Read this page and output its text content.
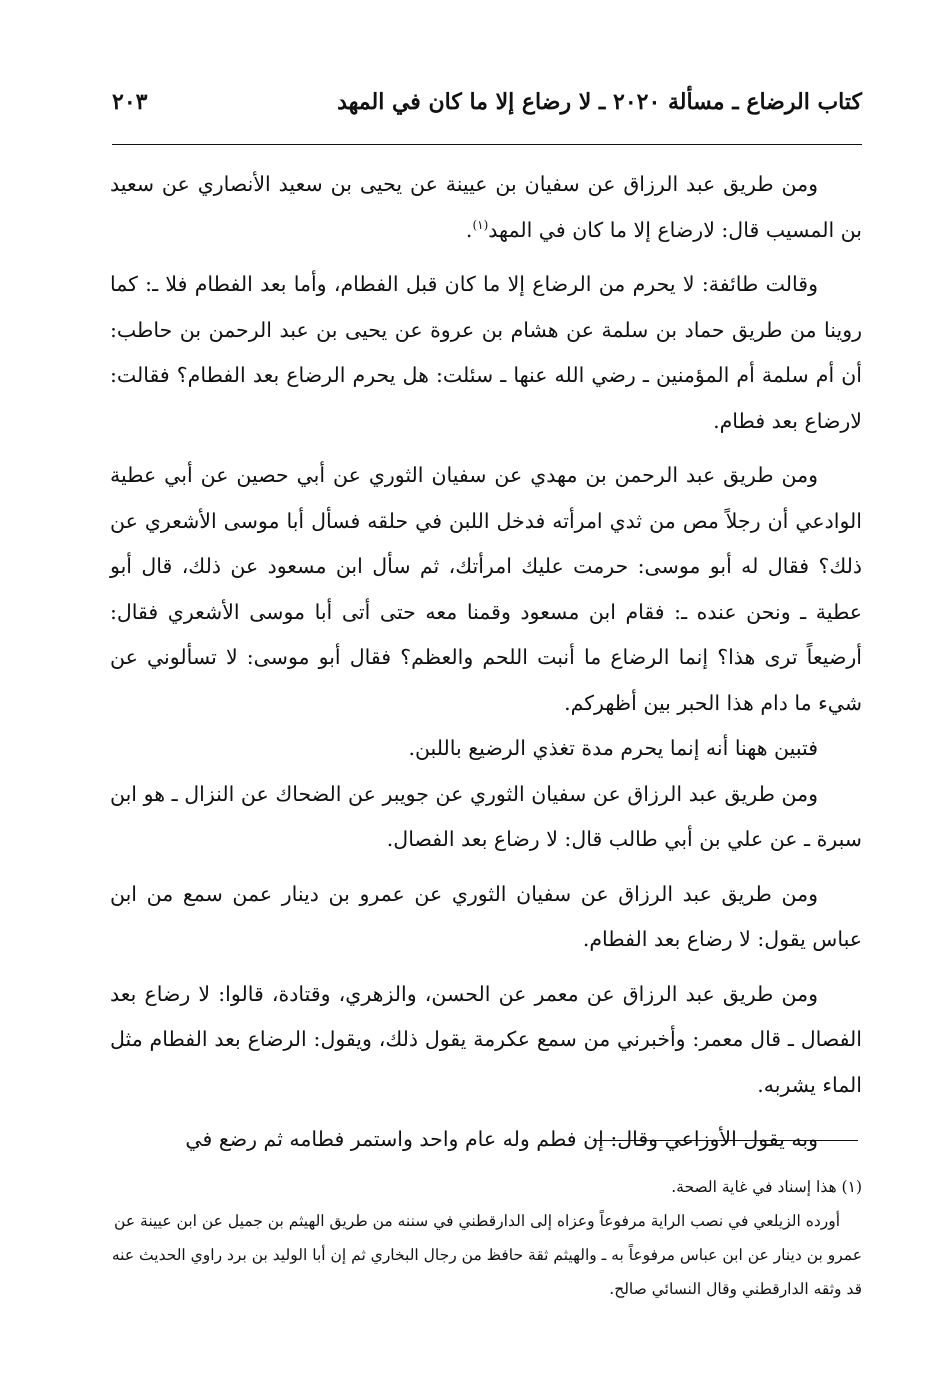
كتاب الرضاع ـ مسألة ٢٠٢٠ ـ لا رضاع إلا ما كان في المهد
٢٠٣

ومن طريق عبد الرزاق عن سفيان بن عيينة عن يحيى بن سعيد الأنصاري عن سعيد بن المسيب قال: لارضاع إلا ما كان في المهد$^{(١)}$.

وقالت طائفة: لا يحرم من الرضاع إلا ما كان قبل الفطام، وأما بعد الفطام فلا ـ: كما روينا من طريق حماد بن سلمة عن هشام بن عروة عن يحيى بن عبد الرحمن بن حاطب: أن أم سلمة أم المؤمنين ـ رضي الله عنها ـ سئلت: هل يحرم الرضاع بعد الفطام؟ فقالت: لارضاع بعد فطام.

ومن طريق عبد الرحمن بن مهدي عن سفيان الثوري عن أبي حصين عن أبي عطية الوادعي أن رجلاً مص من ثدي امرأته فدخل اللبن في حلقه فسأل أبا موسى الأشعري عن ذلك؟ فقال له أبو موسى: حرمت عليك امرأتك، ثم سأل ابن مسعود عن ذلك، قال أبو عطية ـ ونحن عنده ـ: فقام ابن مسعود وقمنا معه حتى أتى أبا موسى الأشعري فقال: أرضيعاً ترى هذا؟ إنما الرضاع ما أنبت اللحم والعظم؟ فقال أبو موسى: لا تسألوني عن شيء ما دام هذا الحبر بين أظهركم.

فتبين ههنا أنه إنما يحرم مدة تغذي الرضيع باللبن.

ومن طريق عبد الرزاق عن سفيان الثوري عن جويبر عن الضحاك عن النزال ـ هو ابن سبرة ـ عن علي بن أبي طالب قال: لا رضاع بعد الفصال.

ومن طريق عبد الرزاق عن سفيان الثوري عن عمرو بن دينار عمن سمع من ابن عباس يقول: لا رضاع بعد الفطام.

ومن طريق عبد الرزاق عن معمر عن الحسن، والزهري، وقتادة، قالوا: لا رضاع بعد الفصال ـ قال معمر: وأخبرني من سمع عكرمة يقول ذلك، ويقول: الرضاع بعد الفطام مثل الماء يشربه.

وبه يقول الأوزاعي وقال: إن فطم وله عام واحد واستمر فطامه ثم رضع في

(١) هذا إسناد في غاية الصحة.

أورده الزيلعي في نصب الراية مرفوعاً وعزاه إلى الدارقطني في سننه من طريق الهيثم بن جميل عن ابن عيينة عن عمرو بن دينار عن ابن عباس مرفوعاً به ـ والهيثم ثقة حافظ من رجال البخاري ثم إن أبا الوليد بن برد راوي الحديث عنه قد وثقه الدارقطني وقال النسائي صالح.
